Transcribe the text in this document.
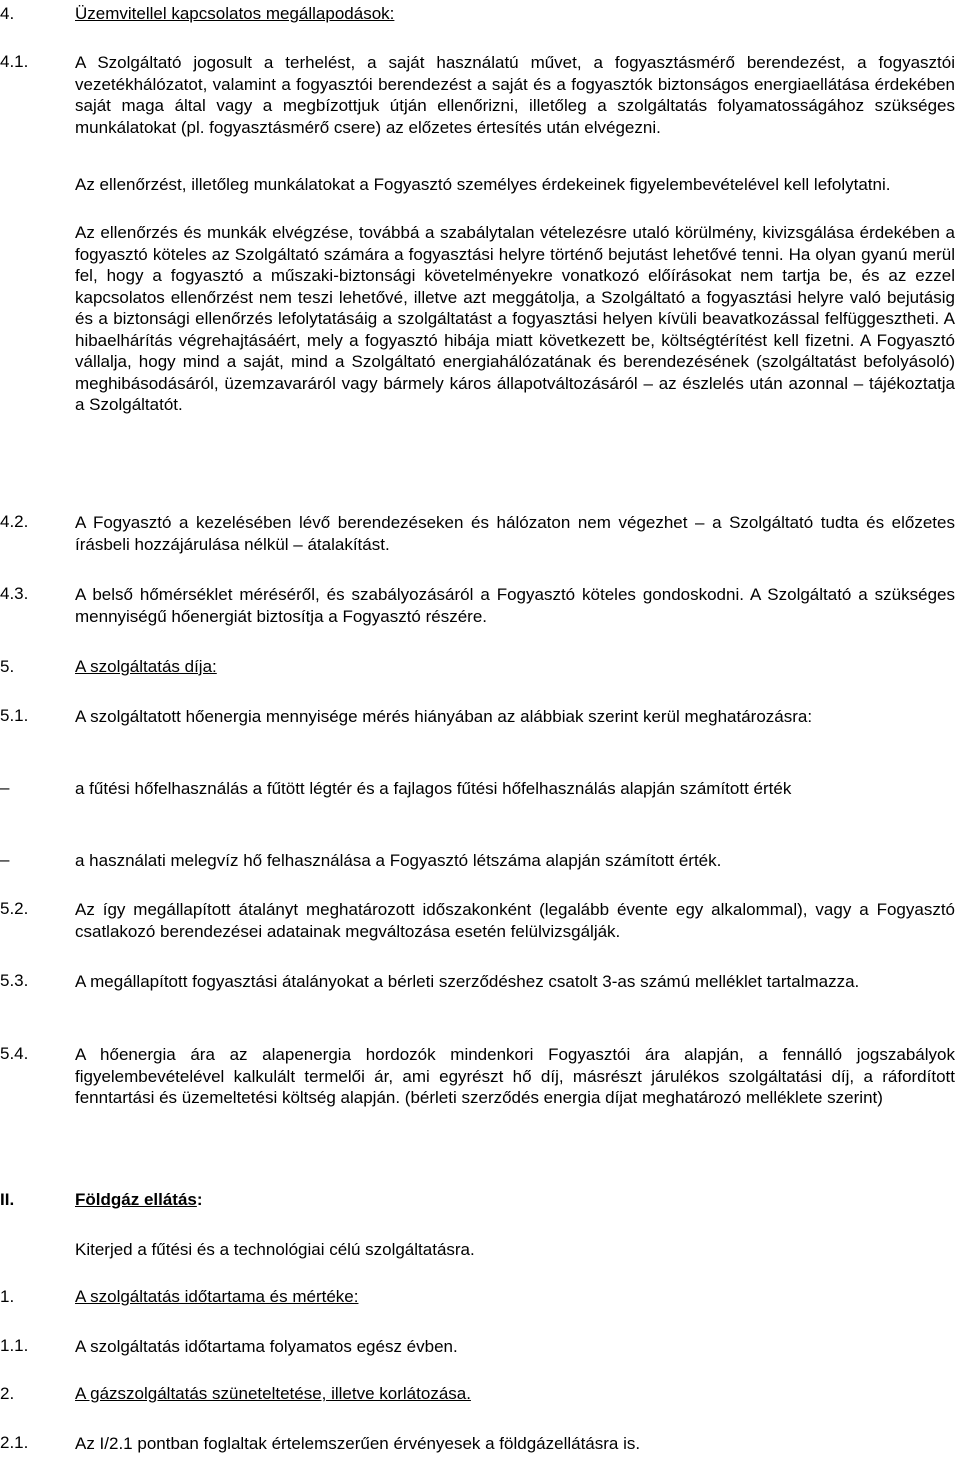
4.	Üzemvitellel kapcsolatos megállapodások:
4.1.	A Szolgáltató jogosult a terhelést, a saját használatú művet, a fogyasztásmérő berendezést, a fogyasztói vezetékhálózatot, valamint a fogyasztói berendezést a saját és a fogyasztók biztonságos energiaellátása érdekében saját maga által vagy a megbízottjuk útján ellenőrizni, illetőleg a szolgáltatás folyamatosságához szükséges munkálatokat (pl. fogyasztásmérő csere) az előzetes értesítés után elvégezni.
Az ellenőrzést, illetőleg munkálatokat a Fogyasztó személyes érdekeinek figyelembevételével kell lefolytatni.
Az ellenőrzés és munkák elvégzése, továbbá a szabálytalan vételezésre utaló körülmény, kivizsgálása érdekében a fogyasztó köteles az Szolgáltató számára a fogyasztási helyre történő bejutást lehetővé tenni. Ha olyan gyanú merül fel, hogy a fogyasztó a műszaki-biztonsági követelményekre vonatkozó előírásokat nem tartja be, és az ezzel kapcsolatos ellenőrzést nem teszi lehetővé, illetve azt meggátolja, a Szolgáltató a fogyasztási helyre való bejutásig és a biztonsági ellenőrzés lefolytatásáig a szolgáltatást a fogyasztási helyen kívüli beavatkozással felfüggesztheti. A hibaelhárítás végrehajtásáért, mely a fogyasztó hibája miatt következett be, költségtérítést kell fizetni. A Fogyasztó vállalja, hogy mind a saját, mind a Szolgáltató energiahálózatának és berendezésének (szolgáltatást befolyásoló) meghibásodásáról, üzemzavaráról vagy bármely káros állapotváltozásáról – az észlelés után azonnal – tájékoztatja a Szolgáltatót.
4.2.	A Fogyasztó a kezelésében lévő berendezéseken és hálózaton nem végezhet – a Szolgáltató tudta és előzetes írásbeli hozzájárulása nélkül – átalakítást.
4.3.	A belső hőmérséklet méréséről, és szabályozásáról a Fogyasztó köteles gondoskodni. A Szolgáltató a szükséges mennyiségű hőenergiát biztosítja a Fogyasztó részére.
5.	A szolgáltatás díja:
5.1.	A szolgáltatott hőenergia mennyisége mérés hiányában az alábbiak szerint kerül meghatározásra:
–	a fűtési hőfelhasználás a fűtött légtér és a fajlagos fűtési hőfelhasználás alapján számított érték
–	a használati melegvíz hő felhasználása a Fogyasztó létszáma alapján számított érték.
5.2.	Az így megállapított átalányt meghatározott időszakonként (legalább évente egy alkalommal), vagy a Fogyasztó csatlakozó berendezései adatainak megváltozása esetén felülvizsgálják.
5.3.	A megállapított fogyasztási átalányokat a bérleti szerződéshez csatolt 3-as számú melléklet tartalmazza.
5.4.	A hőenergia ára az alapenergia hordozók mindenkori Fogyasztói ára alapján, a fennálló jogszabályok figyelembevételével kalkulált termelői ár, ami egyrészt hő díj, másrészt járulékos szolgáltatási díj, a ráfordított fenntartási és üzemeltetési költség alapján. (bérleti szerződés energia díjat meghatározó melléklete szerint)
II.	Földgáz ellátás:
Kiterjed a fűtési és a technológiai célú szolgáltatásra.
1.	A szolgáltatás időtartama és mértéke:
1.1.	A szolgáltatás időtartama folyamatos egész évben.
2.	A gázszolgáltatás szüneteltetése, illetve korlátozása.
2.1.	Az I/2.1 pontban foglaltak értelemszerűen érvényesek a földgázellátásra is.
